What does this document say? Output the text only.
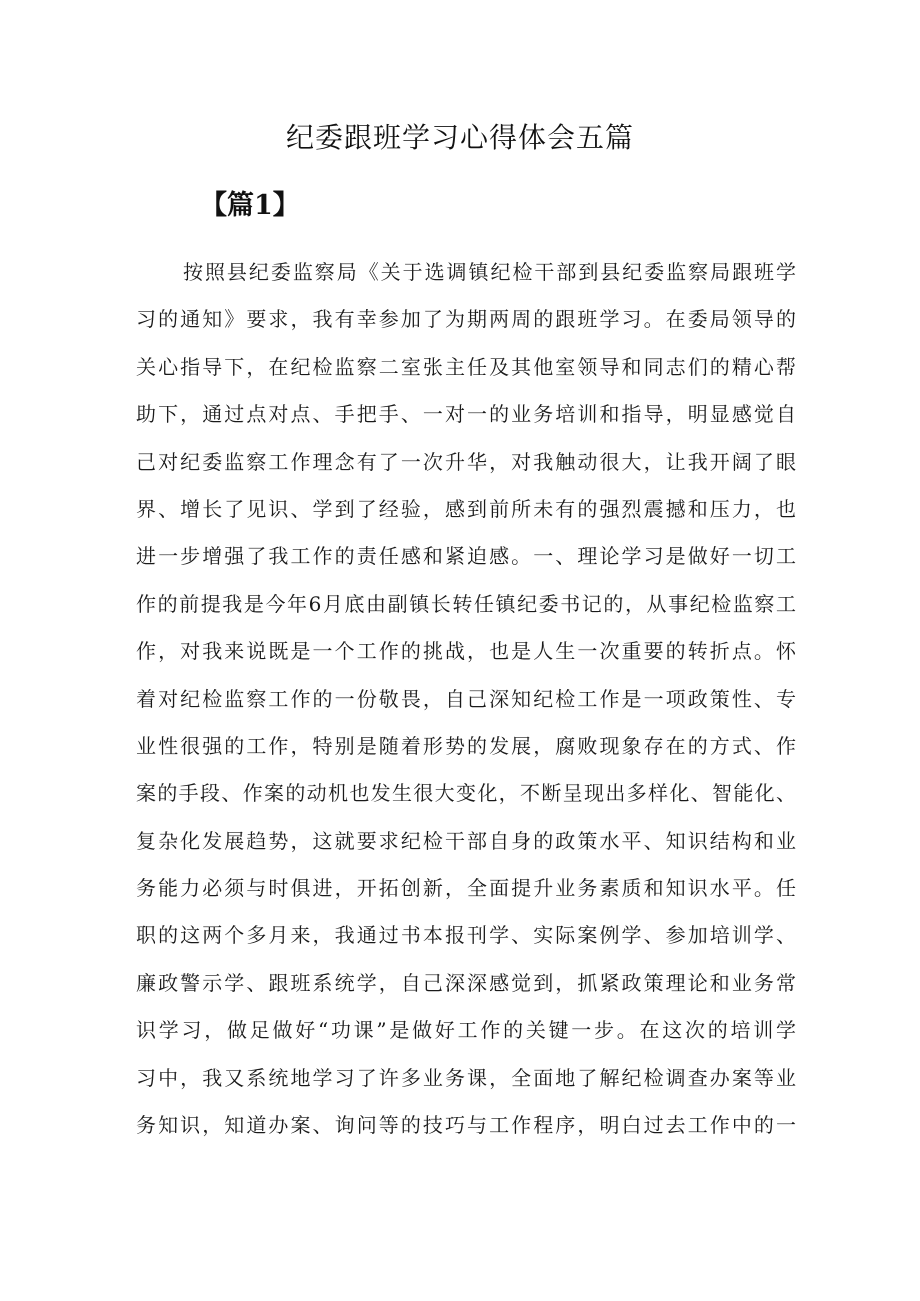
纪委跟班学习心得体会五篇
【篇1】
按照县纪委监察局《关于选调镇纪检干部到县纪委监察局跟班学
习的通知》要求，我有幸参加了为期两周的跟班学习。在委局领导的
关心指导下，在纪检监察二室张主任及其他室领导和同志们的精心帮
助下，通过点对点、手把手、一对一的业务培训和指导，明显感觉自
己对纪委监察工作理念有了一次升华，对我触动很大，让我开阔了眼
界、增长了见识、学到了经验，感到前所未有的强烈震撼和压力，也
进一步增强了我工作的责任感和紧迫感。一、理论学习是做好一切工
作的前提我是今年6月底由副镇长转任镇纪委书记的，从事纪检监察工
作，对我来说既是一个工作的挑战，也是人生一次重要的转折点。怀
着对纪检监察工作的一份敬畏，自己深知纪检工作是一项政策性、专
业性很强的工作，特别是随着形势的发展，腐败现象存在的方式、作
案的手段、作案的动机也发生很大变化，不断呈现出多样化、智能化、
复杂化发展趋势，这就要求纪检干部自身的政策水平、知识结构和业
务能力必须与时俱进，开拓创新，全面提升业务素质和知识水平。任
职的这两个多月来，我通过书本报刊学、实际案例学、参加培训学、
廉政警示学、跟班系统学，自己深深感觉到，抓紧政策理论和业务常
识学习，做足做好“功课”是做好工作的关键一步。在这次的培训学
习中，我又系统地学习了许多业务课，全面地了解纪检调查办案等业
务知识，知道办案、询问等的技巧与工作程序，明白过去工作中的一
